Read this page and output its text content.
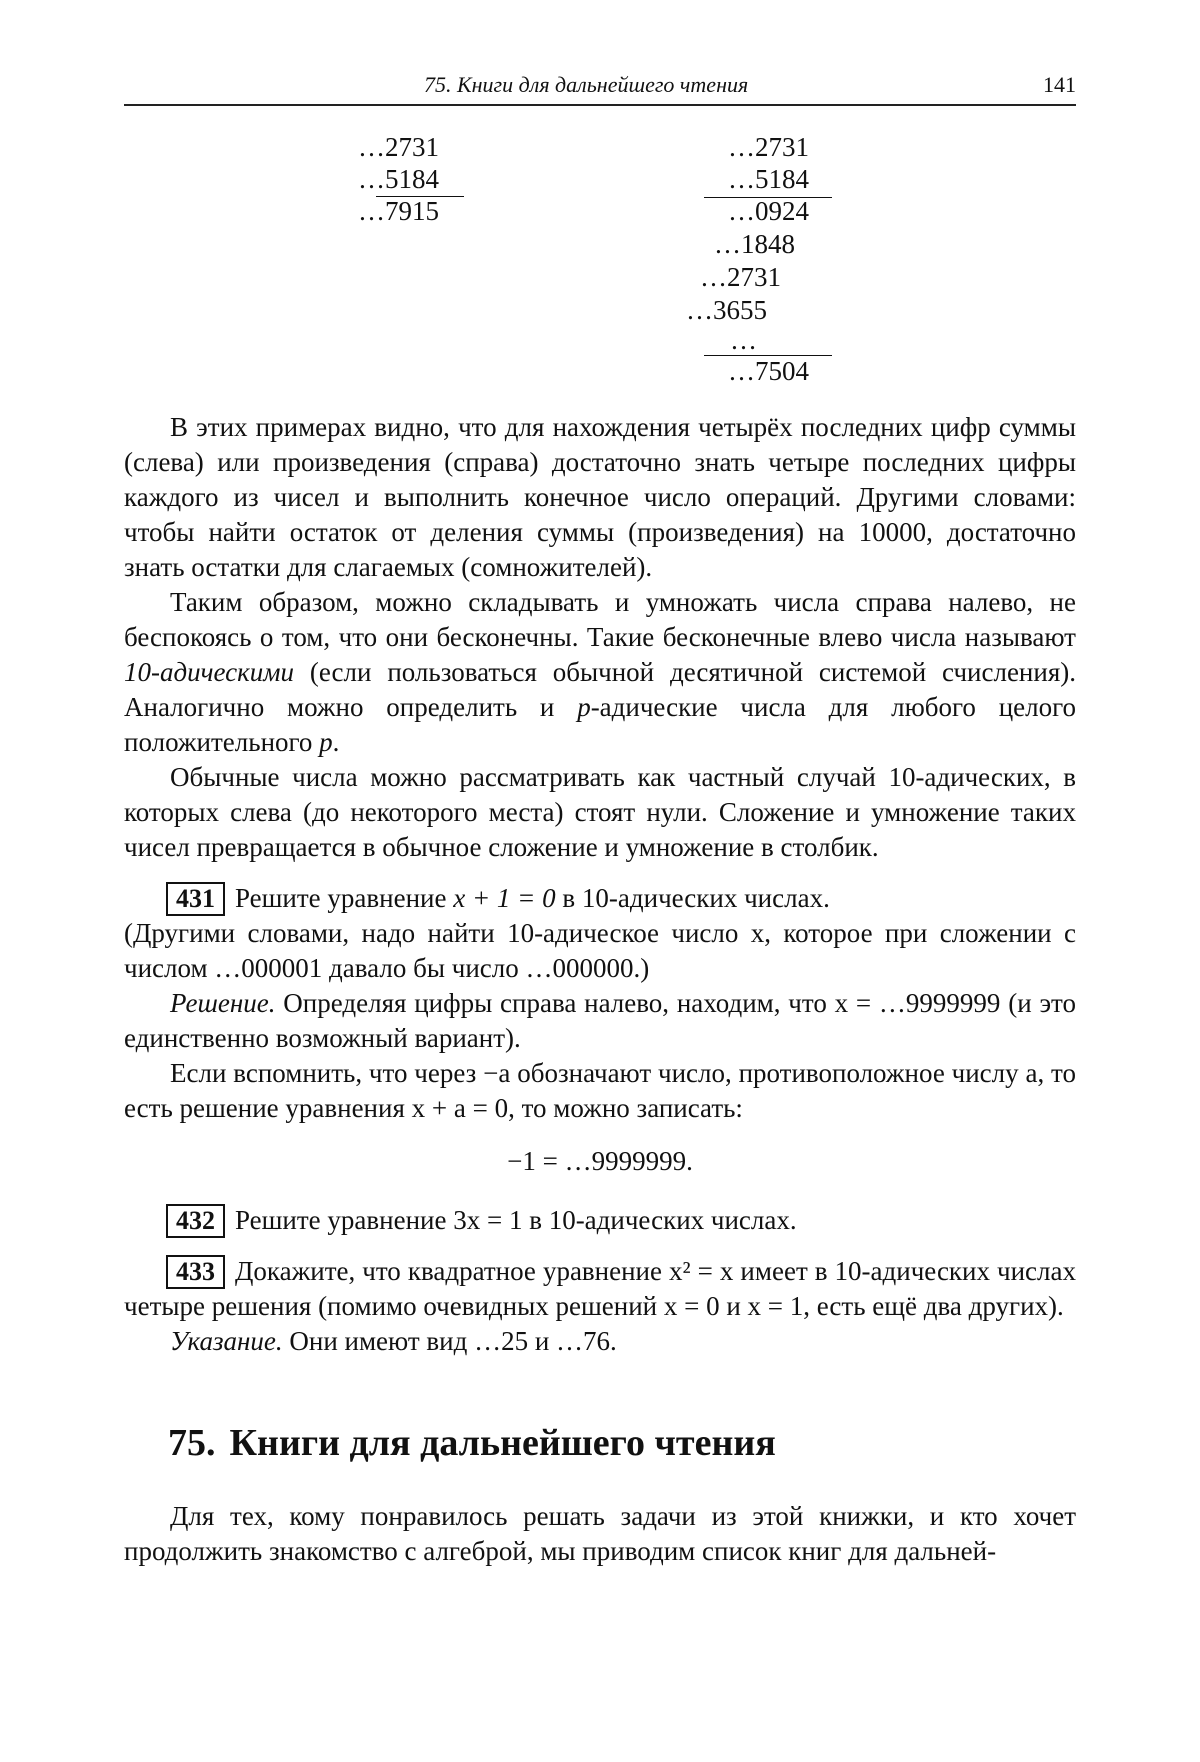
75. Книги для дальнейшего чтения	141
…2731
…5184
…7915
…2731
…5184
…0924
…1848
…2731
…3655
…
…7504

В этих примерах видно, что для нахождения четырёх последних цифр суммы (слева) или произведения (справа) достаточно знать четыре последних цифры каждого из чисел и выполнить конечное число операций. Другими словами: чтобы найти остаток от деления суммы (произведения) на 10000, достаточно знать остатки для слагаемых (сомножителей).

Таким образом, можно складывать и умножать числа справа налево, не беспокоясь о том, что они бесконечны. Такие бесконечные влево числа называют 10-адическими (если пользоваться обычной десятичной системой счисления). Аналогично можно определить и p-адические числа для любого целого положительного p.

Обычные числа можно рассматривать как частный случай 10-адических, в которых слева (до некоторого места) стоят нули. Сложение и умножение таких чисел превращается в обычное сложение и умножение в столбик.

431 Решите уравнение x + 1 = 0 в 10-адических числах.

(Другими словами, надо найти 10-адическое число x, которое при сложении с числом …000001 давало бы число …000000.)

Решение. Определяя цифры справа налево, находим, что x = …9999999 (и это единственно возможный вариант).

Если вспомнить, что через −a обозначают число, противоположное числу a, то есть решение уравнения x + a = 0, то можно записать:

−1 = …9999999.

432 Решите уравнение 3x = 1 в 10-адических числах.

433 Докажите, что квадратное уравнение x² = x имеет в 10-адических числах четыре решения (помимо очевидных решений x = 0 и x = 1, есть ещё два других).

Указание. Они имеют вид …25 и …76.

75. Книги для дальнейшего чтения

Для тех, кому понравилось решать задачи из этой книжки, и кто хочет продолжить знакомство с алгеброй, мы приводим список книг для дальней-
